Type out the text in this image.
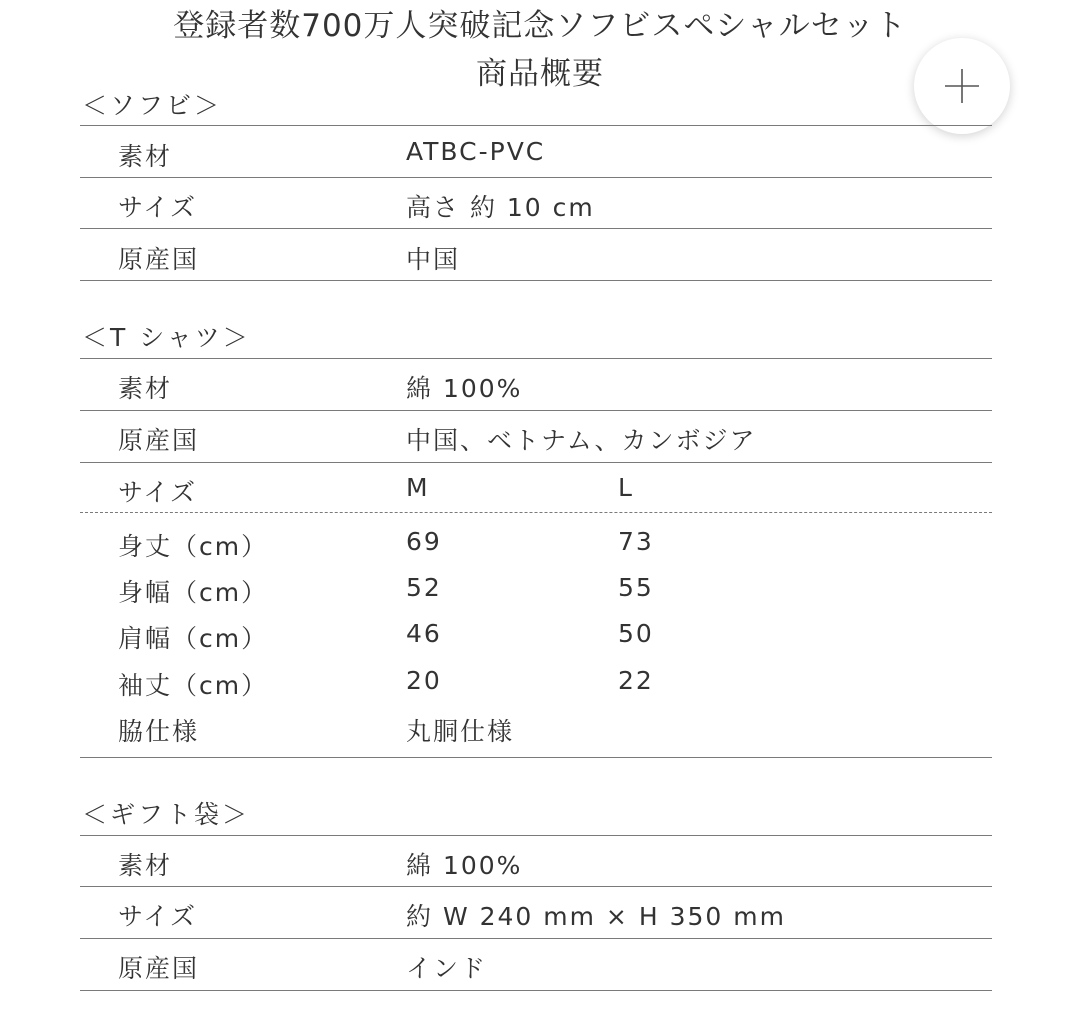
登録者数700万人突破記念ソフビスペシャルセット
商品概要
＜ソフビ＞
素材	ATBC-PVC
サイズ	高さ 約 10 cm
原産国	中国
＜T シャツ＞
素材	綿 100%
原産国	中国、ベトナム、カンボジア
サイズ	M	L
身丈（cm）	69	73
身幅（cm）	52	55
肩幅（cm）	46	50
袖丈（cm）	20	22
脇仕様	丸胴仕様
＜ギフト袋＞
素材	綿 100%
サイズ	約 W 240 mm × H 350 mm
原産国	インド
